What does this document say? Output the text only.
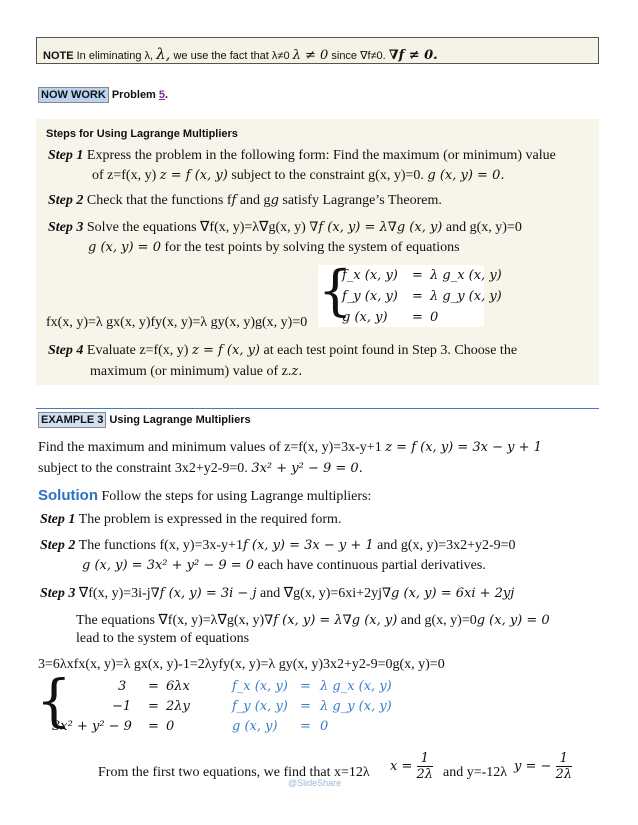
NOTE In eliminating λ, λ, we use the fact that λ≠0 λ ≠ 0 since ∇f≠0. ∇f ≠ 0.
NOW WORK Problem 5.
Steps for Using Lagrange Multipliers
Step 1 Express the problem in the following form: Find the maximum (or minimum) value
of z=f(x, y) z = f (x, y) subject to the constraint g(x, y)=0. g (x, y) = 0.
Step 2 Check that the functions ff and gg satisfy Lagrange’s Theorem.
Step 3 Solve the equations ∇f(x, y)=λ∇g(x, y) ∇f (x, y) = λ∇g (x, y) and g(x, y)=0
g (x, y) = 0 for the test points by solving the system of equations
fx(x, y)=λ gx(x, y)fy(x, y)=λ gy(x, y)g(x, y)=0
{
f_x (x, y) = λ g_x (x, y)
f_y (x, y) = λ g_y (x, y)
g (x, y) = 0
Step 4 Evaluate z=f(x, y) z = f (x, y) at each test point found in Step 3. Choose the
maximum (or minimum) value of z.z.
EXAMPLE 3 Using Lagrange Multipliers
Find the maximum and minimum values of z=f(x, y)=3x-y+1 z = f (x, y) = 3x − y + 1
subject to the constraint 3x2+y2-9=0. 3x² + y² − 9 = 0.
Solution Follow the steps for using Lagrange multipliers:
Step 1 The problem is expressed in the required form.
Step 2 The functions f(x, y)=3x-y+1f (x, y) = 3x − y + 1 and g(x, y)=3x2+y2-9=0
g (x, y) = 3x² + y² − 9 = 0 each have continuous partial derivatives.
Step 3 ∇f(x, y)=3i-j∇f (x, y) = 3i − j and ∇g(x, y)=6xi+2yj∇g (x, y) = 6xi + 2yj
The equations ∇f(x, y)=λ∇g(x, y)∇f (x, y) = λ∇g (x, y) and g(x, y)=0g (x, y) = 0
lead to the system of equations
3=6λxfx(x, y)=λ gx(x, y)-1=2λyfy(x, y)=λ gy(x, y)3x2+y2-9=0g(x, y)=0
{	3 = 6λx	f_x (x, y) = λ g_x (x, y)
−1 = 2λy	f_y (x, y) = λ g_y (x, y)
3x² + y² − 9 = 0	g (x, y) = 0
From the first two equations, we find that x=12λ $x = \frac{1}{2\lambda}$ and y=-12λ y = − $\frac{1}{2\lambda}$
@SlideShare
